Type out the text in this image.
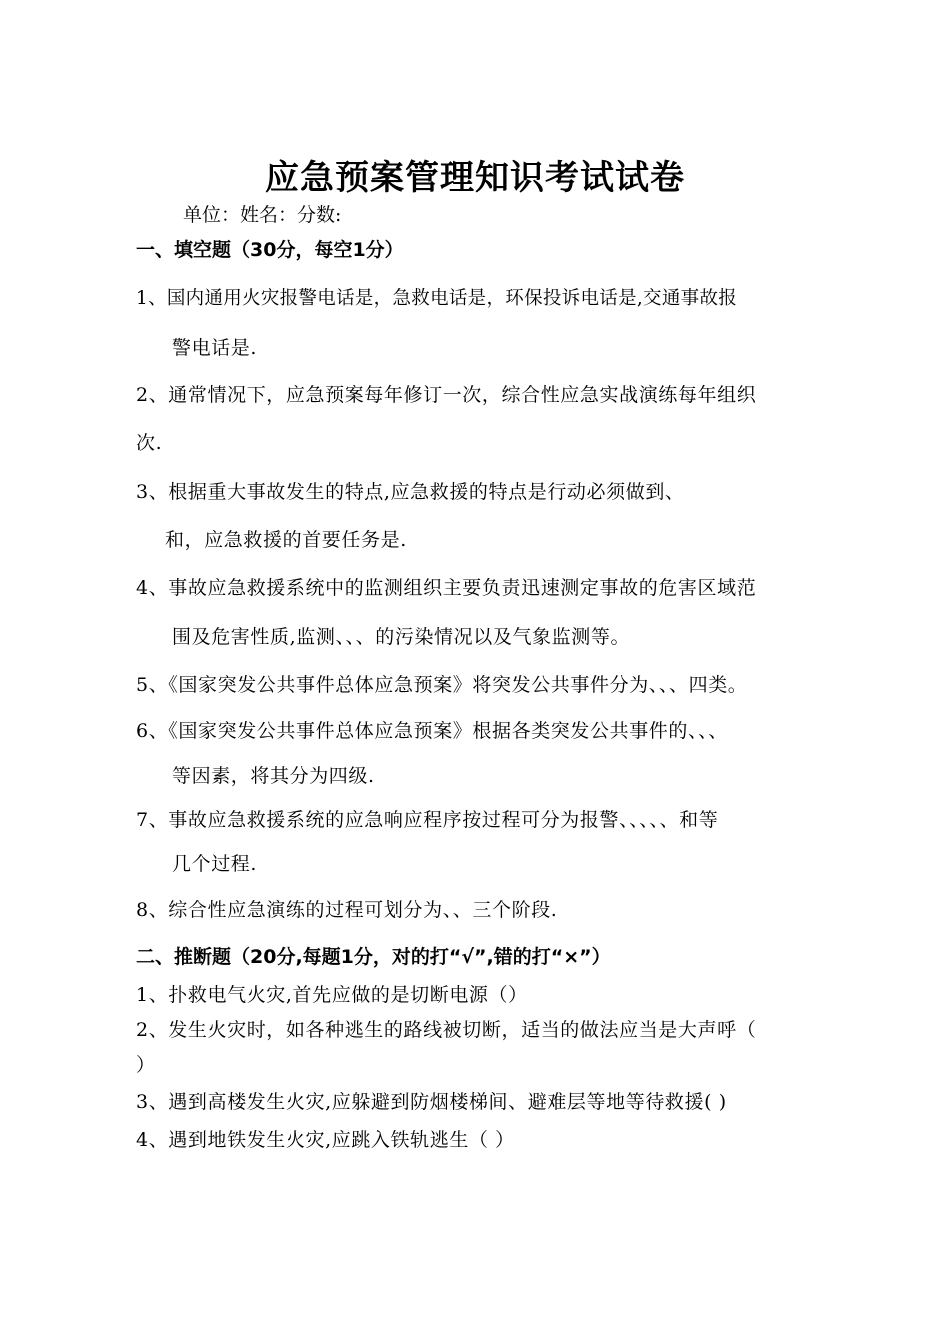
应急预案管理知识考试试卷
单位：姓名：分数:
一、填空题（30分，每空1分）
1、国内通用火灾报警电话是，急救电话是，环保投诉电话是,交通事故报
警电话是.
2、通常情况下，应急预案每年修订一次，综合性应急实战演练每年组织
次.
3、根据重大事故发生的特点,应急救援的特点是行动必须做到、
和，应急救援的首要任务是.
4、事故应急救援系统中的监测组织主要负责迅速测定事故的危害区域范
围及危害性质,监测、、、的污染情况以及气象监测等。
5、《国家突发公共事件总体应急预案》将突发公共事件分为、、、四类。
6、《国家突发公共事件总体应急预案》根据各类突发公共事件的、、、
等因素，将其分为四级.
7、事故应急救援系统的应急响应程序按过程可分为报警、、、、、和等
几个过程.
8、综合性应急演练的过程可划分为、、三个阶段.
二、推断题（20分,每题1分，对的打“√”,错的打“×”）
1、扑救电气火灾,首先应做的是切断电源（）
2、发生火灾时，如各种逃生的路线被切断，适当的做法应当是大声呼（
）
3、遇到高楼发生火灾,应躲避到防烟楼梯间、避难层等地等待救援( )
4、遇到地铁发生火灾,应跳入铁轨逃生（ ）
